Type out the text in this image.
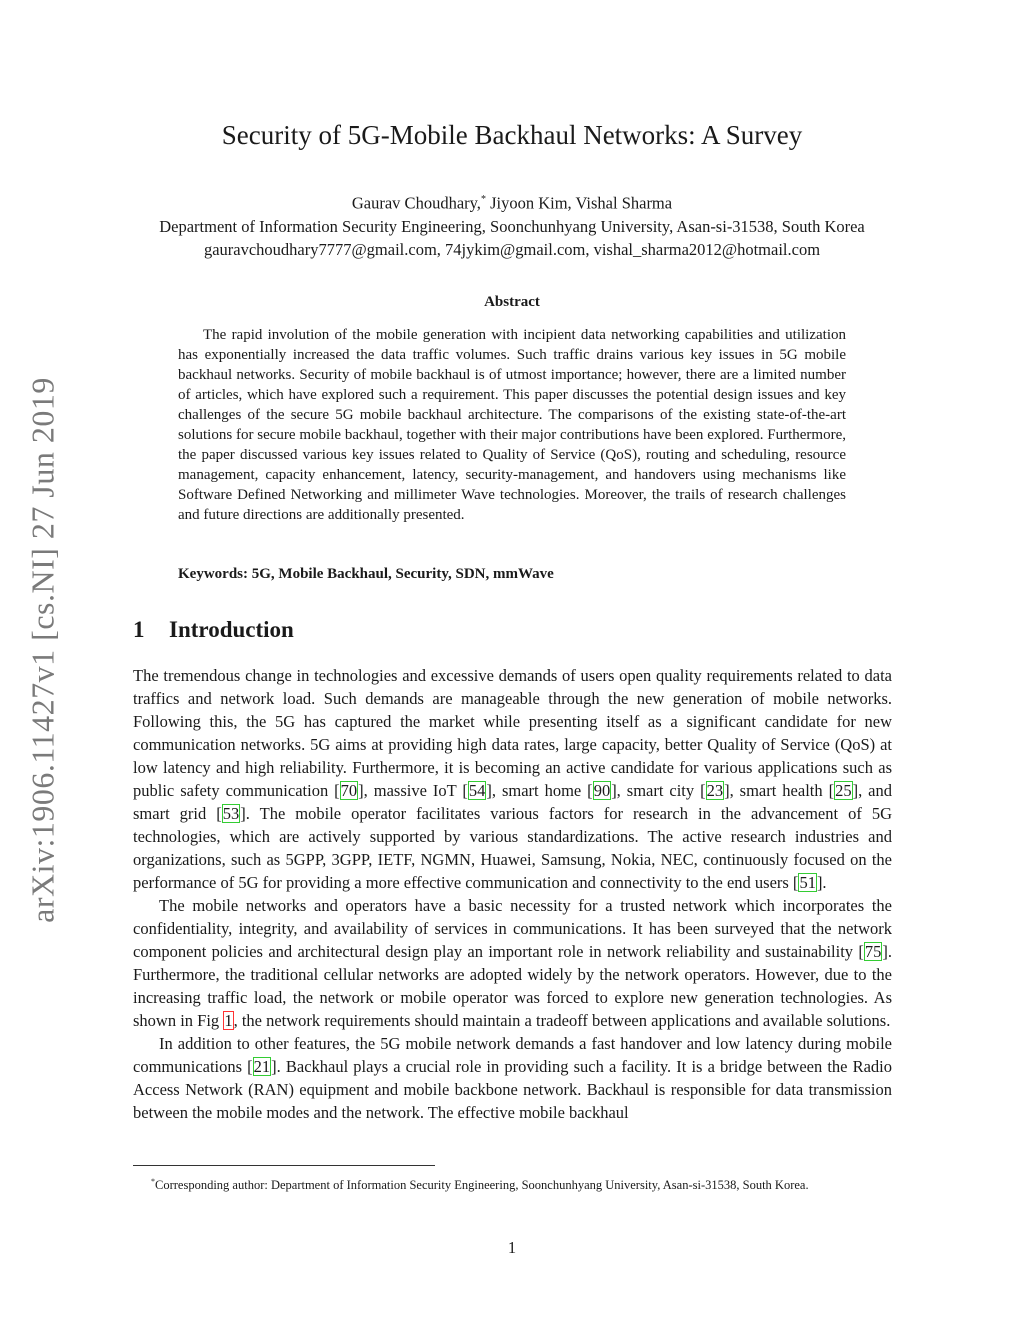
arXiv:1906.11427v1 [cs.NI] 27 Jun 2019
Security of 5G-Mobile Backhaul Networks: A Survey
Gaurav Choudhary,* Jiyoon Kim, Vishal Sharma
Department of Information Security Engineering, Soonchunhyang University, Asan-si-31538, South Korea
gauravchoudhary7777@gmail.com, 74jykim@gmail.com, vishal_sharma2012@hotmail.com
Abstract

The rapid involution of the mobile generation with incipient data networking capabilities and utilization has exponentially increased the data traffic volumes. Such traffic drains various key issues in 5G mobile backhaul networks. Security of mobile backhaul is of utmost importance; however, there are a limited number of articles, which have explored such a requirement. This paper discusses the potential design issues and key challenges of the secure 5G mobile backhaul architecture. The comparisons of the existing state-of-the-art solutions for secure mobile backhaul, together with their major contributions have been explored. Furthermore, the paper discussed various key issues related to Quality of Service (QoS), routing and scheduling, resource management, capacity enhancement, latency, security-management, and handovers using mechanisms like Software Defined Networking and millimeter Wave technologies. Moreover, the trails of research challenges and future directions are additionally presented.

Keywords: 5G, Mobile Backhaul, Security, SDN, mmWave
1 Introduction

The tremendous change in technologies and excessive demands of users open quality requirements related to data traffics and network load. Such demands are manageable through the new generation of mobile networks. Following this, the 5G has captured the market while presenting itself as a significant candidate for new communication networks. 5G aims at providing high data rates, large capacity, better Quality of Service (QoS) at low latency and high reliability. Furthermore, it is becoming an active candidate for various applications such as public safety communication [70], massive IoT [54], smart home [90], smart city [23], smart health [25], and smart grid [53]. The mobile operator facilitates various factors for research in the advancement of 5G technologies, which are actively supported by various standardizations. The active research industries and organizations, such as 5GPP, 3GPP, IETF, NGMN, Huawei, Samsung, Nokia, NEC, continuously focused on the performance of 5G for providing a more effective communication and connectivity to the end users [51].

The mobile networks and operators have a basic necessity for a trusted network which incorporates the confidentiality, integrity, and availability of services in communications. It has been surveyed that the network component policies and architectural design play an important role in network reliability and sustainability [75]. Furthermore, the traditional cellular networks are adopted widely by the network operators. However, due to the increasing traffic load, the network or mobile operator was forced to explore new generation technologies. As shown in Fig 1, the network requirements should maintain a tradeoff between applications and available solutions.

In addition to other features, the 5G mobile network demands a fast handover and low latency during mobile communications [21]. Backhaul plays a crucial role in providing such a facility. It is a bridge between the Radio Access Network (RAN) equipment and mobile backbone network. Backhaul is responsible for data transmission between the mobile modes and the network. The effective mobile backhaul

*Corresponding author: Department of Information Security Engineering, Soonchunhyang University, Asan-si-31538, South Korea.

1
